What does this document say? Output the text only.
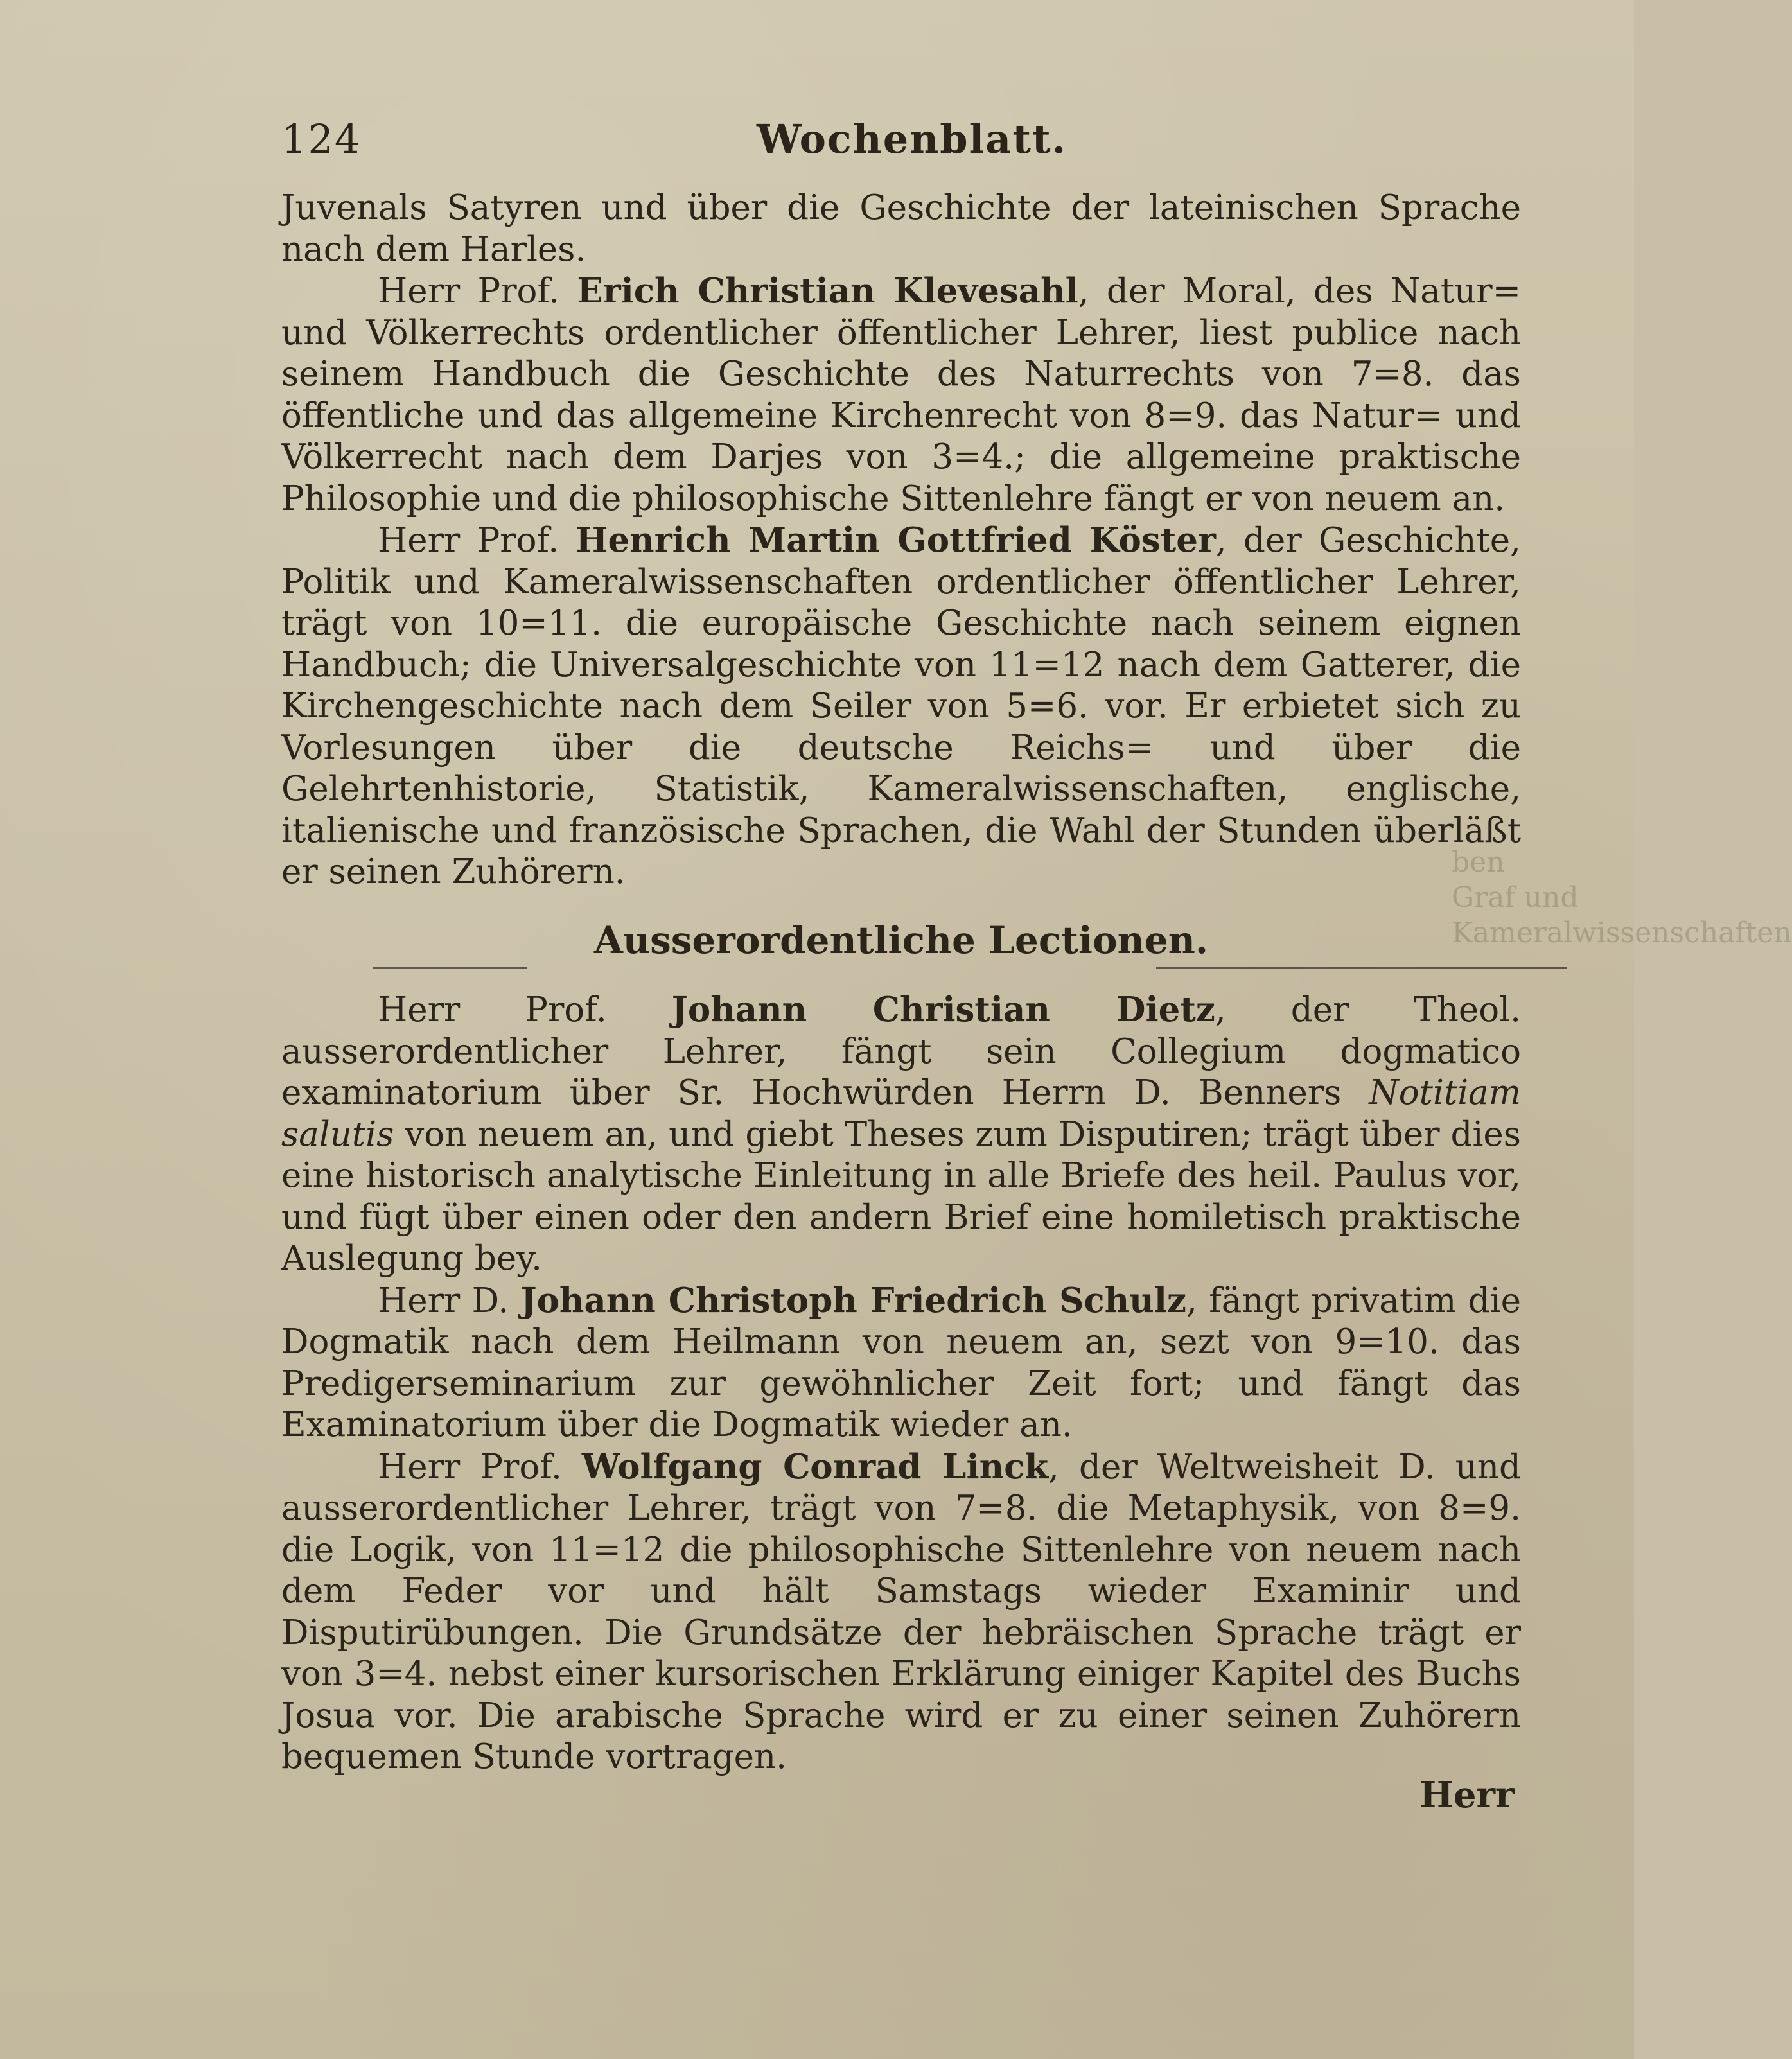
ben
Graf und Kameralwissenschaften
124	Wochenblatt.

Juvenals Satyren und über die Geschichte der lateinischen Sprache nach dem Harles.

Herr Prof. Erich Christian Klevesahl, der Moral, des Natur= und Völkerrechts ordentlicher öffentlicher Lehrer, liest publice nach seinem Handbuch die Geschichte des Naturrechts von 7=8. das öffentliche und das allgemeine Kirchenrecht von 8=9. das Natur= und Völkerrecht nach dem Darjes von 3=4.; die allgemeine praktische Philosophie und die philosophische Sittenlehre fängt er von neuem an.

Herr Prof. Henrich Martin Gottfried Köster, der Geschichte, Politik und Kameralwissenschaften ordentlicher öffentlicher Lehrer, trägt von 10=11. die europäische Geschichte nach seinem eignen Handbuch; die Universalgeschichte von 11=12 nach dem Gatterer, die Kirchengeschichte nach dem Seiler von 5=6. vor. Er erbietet sich zu Vorlesungen über die deutsche Reichs= und über die Gelehrtenhistorie, Statistik, Kameralwissenschaften, englische, italienische und französische Sprachen, die Wahl der Stunden überläßt er seinen Zuhörern.

Ausserordentliche Lectionen.

Herr Prof. Johann Christian Dietz, der Theol. ausserordentlicher Lehrer, fängt sein Collegium dogmatico examinatorium über Sr. Hochwürden Herrn D. Benners Notitiam salutis von neuem an, und giebt Theses zum Disputiren; trägt über dies eine historisch analytische Einleitung in alle Briefe des heil. Paulus vor, und fügt über einen oder den andern Brief eine homiletisch praktische Auslegung bey.

Herr D. Johann Christoph Friedrich Schulz, fängt privatim die Dogmatik nach dem Heilmann von neuem an, sezt von 9=10. das Predigerseminarium zur gewöhnlicher Zeit fort; und fängt das Examinatorium über die Dogmatik wieder an.

Herr Prof. Wolfgang Conrad Linck, der Weltweisheit D. und ausserordentlicher Lehrer, trägt von 7=8. die Metaphysik, von 8=9. die Logik, von 11=12 die philosophische Sittenlehre von neuem nach dem Feder vor und hält Samstags wieder Examinir und Disputirübungen. Die Grundsätze der hebräischen Sprache trägt er von 3=4. nebst einer kursorischen Erklärung einiger Kapitel des Buchs Josua vor. Die arabische Sprache wird er zu einer seinen Zuhörern bequemen Stunde vortragen.

Herr
